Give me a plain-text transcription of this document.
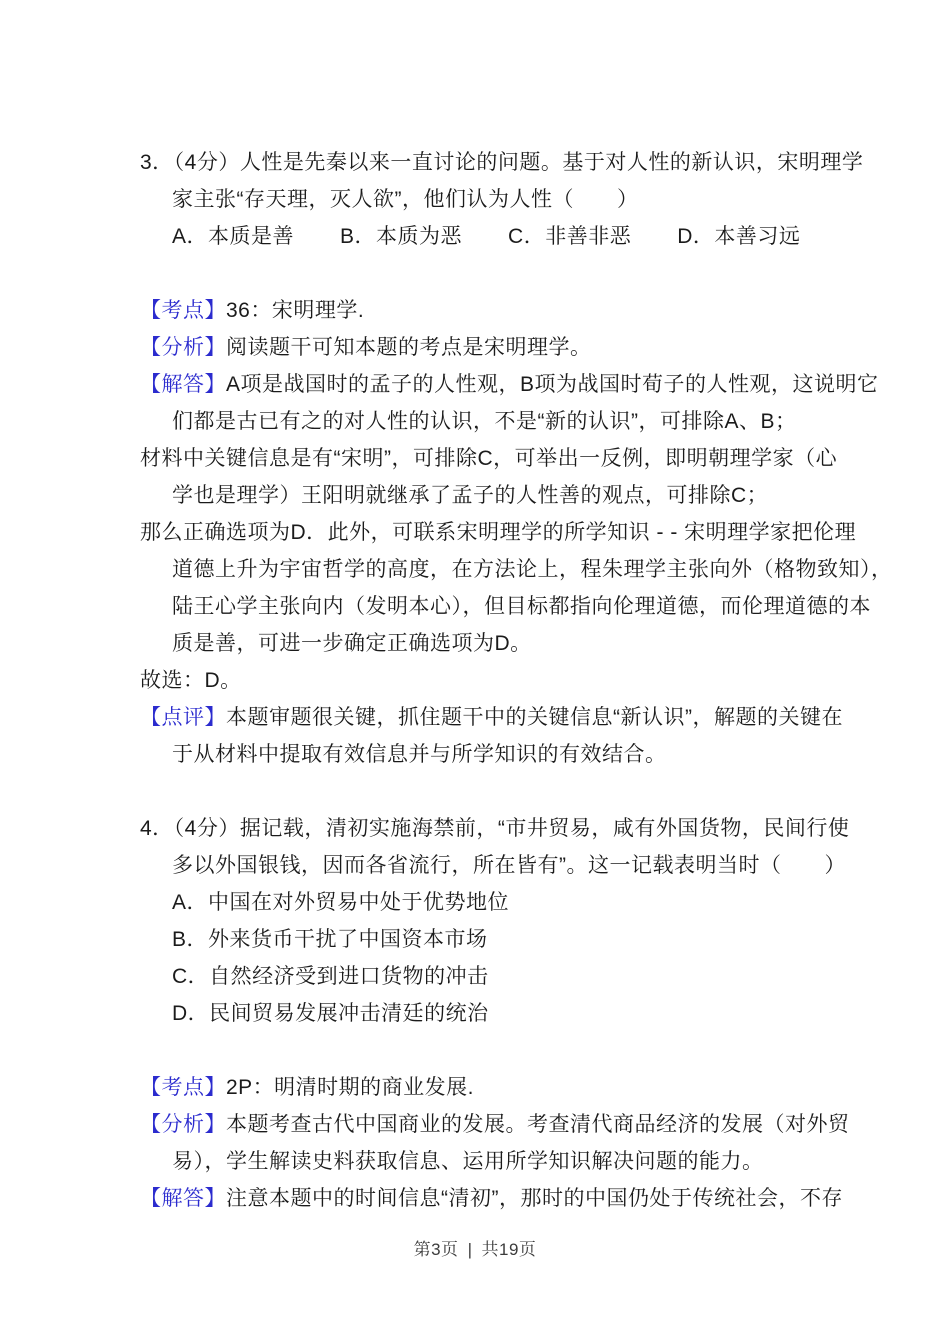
3．（4分）人性是先秦以来一直讨论的问题。基于对人性的新认识，宋明理学
家主张“存天理，灭人欲”，他们认为人性（　　）
A．本质是善 B．本质为恶 C．非善非恶 D．本善习远
【考点】36：宋明理学.
【分析】阅读题干可知本题的考点是宋明理学。
【解答】A项是战国时的孟子的人性观，B项为战国时荀子的人性观，这说明它
们都是古已有之的对人性的认识，不是“新的认识”，可排除A、B；
材料中关键信息是有“宋明”，可排除C，可举出一反例，即明朝理学家（心
学也是理学）王阳明就继承了孟子的人性善的观点，可排除C；
那么正确选项为D．此外，可联系宋明理学的所学知识 - - 宋明理学家把伦理
道德上升为宇宙哲学的高度，在方法论上，程朱理学主张向外（格物致知），
陆王心学主张向内（发明本心），但目标都指向伦理道德，而伦理道德的本
质是善，可进一步确定正确选项为D。
故选：D。
【点评】本题审题很关键，抓住题干中的关键信息“新认识”，解题的关键在
于从材料中提取有效信息并与所学知识的有效结合。
4．（4分）据记载，清初实施海禁前，“市井贸易，咸有外国货物，民间行使
多以外国银钱，因而各省流行，所在皆有”。这一记载表明当时（　　）
A．中国在对外贸易中处于优势地位
B．外来货币干扰了中国资本市场
C．自然经济受到进口货物的冲击
D．民间贸易发展冲击清廷的统治
【考点】2P：明清时期的商业发展.
【分析】本题考查古代中国商业的发展。考查清代商品经济的发展（对外贸
易），学生解读史料获取信息、运用所学知识解决问题的能力。
【解答】注意本题中的时间信息“清初”，那时的中国仍处于传统社会，不存
第3页 | 共19页
